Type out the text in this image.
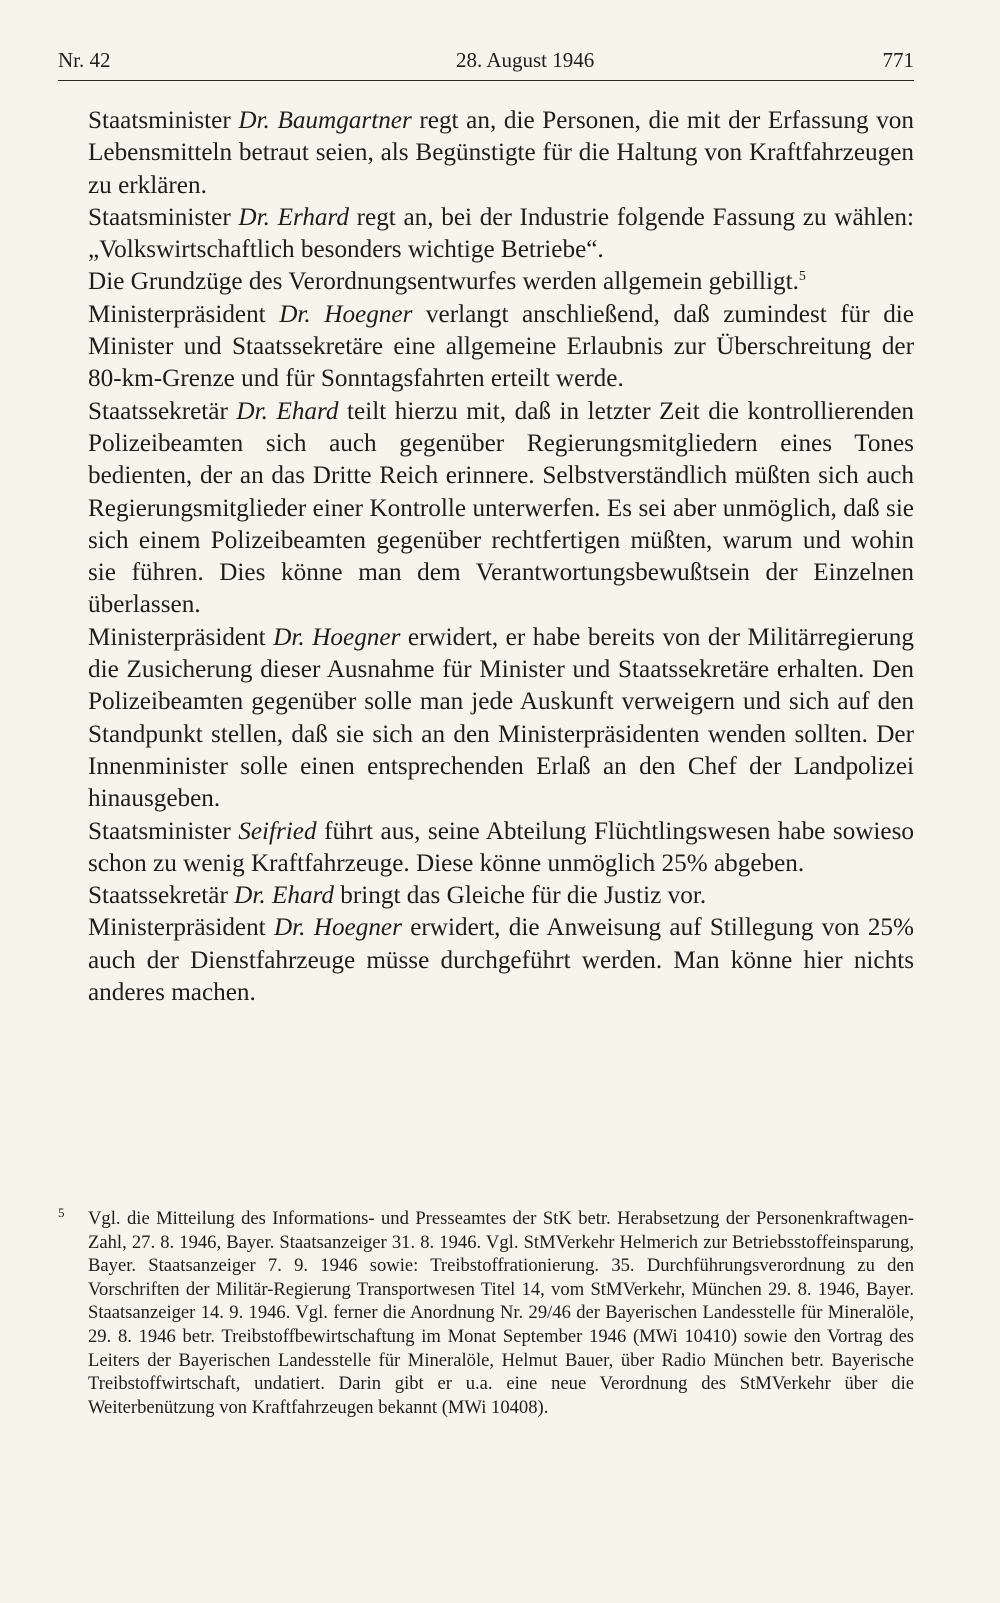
Nr. 42	28. August 1946	771

Staatsminister Dr. Baumgartner regt an, die Personen, die mit der Erfassung von Lebensmitteln betraut seien, als Begünstigte für die Haltung von Kraftfahrzeugen zu erklären.

Staatsminister Dr. Erhard regt an, bei der Industrie folgende Fassung zu wählen: „Volkswirtschaftlich besonders wichtige Betriebe“.

Die Grundzüge des Verordnungsentwurfes werden allgemein gebilligt.$^5$

Ministerpräsident Dr. Hoegner verlangt anschließend, daß zumindest für die Minister und Staatssekretäre eine allgemeine Erlaubnis zur Überschreitung der 80-km-Grenze und für Sonntagsfahrten erteilt werde.

Staatssekretär Dr. Ehard teilt hierzu mit, daß in letzter Zeit die kontrollierenden Polizeibeamten sich auch gegenüber Regierungsmitgliedern eines Tones bedienten, der an das Dritte Reich erinnere. Selbstverständlich müßten sich auch Regierungsmitglieder einer Kontrolle unterwerfen. Es sei aber unmöglich, daß sie sich einem Polizeibeamten gegenüber rechtfertigen müßten, warum und wohin sie führen. Dies könne man dem Verantwortungsbewußtsein der Einzelnen überlassen.

Ministerpräsident Dr. Hoegner erwidert, er habe bereits von der Militärregierung die Zusicherung dieser Ausnahme für Minister und Staatssekretäre erhalten. Den Polizeibeamten gegenüber solle man jede Auskunft verweigern und sich auf den Standpunkt stellen, daß sie sich an den Ministerpräsidenten wenden sollten. Der Innenminister solle einen entsprechenden Erlaß an den Chef der Landpolizei hinausgeben.

Staatsminister Seifried führt aus, seine Abteilung Flüchtlingswesen habe sowieso schon zu wenig Kraftfahrzeuge. Diese könne unmöglich 25% abgeben.

Staatssekretär Dr. Ehard bringt das Gleiche für die Justiz vor.

Ministerpräsident Dr. Hoegner erwidert, die Anweisung auf Stillegung von 25% auch der Dienstfahrzeuge müsse durchgeführt werden. Man könne hier nichts anderes machen.

5 Vgl. die Mitteilung des Informations- und Presseamtes der StK betr. Herabsetzung der Personenkraftwagen-Zahl, 27. 8. 1946, Bayer. Staatsanzeiger 31. 8. 1946. Vgl. StMVerkehr Helmerich zur Betriebsstoffeinsparung, Bayer. Staatsanzeiger 7. 9. 1946 sowie: Treibstoffrationierung. 35. Durchführungsverordnung zu den Vorschriften der Militär-Regierung Transportwesen Titel 14, vom StMVerkehr, München 29. 8. 1946, Bayer. Staatsanzeiger 14. 9. 1946. Vgl. ferner die Anordnung Nr. 29/46 der Bayerischen Landesstelle für Mineralöle, 29. 8. 1946 betr. Treibstoffbewirtschaftung im Monat September 1946 (MWi 10410) sowie den Vortrag des Leiters der Bayerischen Landesstelle für Mineralöle, Helmut Bauer, über Radio München betr. Bayerische Treibstoffwirtschaft, undatiert. Darin gibt er u.a. eine neue Verordnung des StMVerkehr über die Weiterbenützung von Kraftfahrzeugen bekannt (MWi 10408).
